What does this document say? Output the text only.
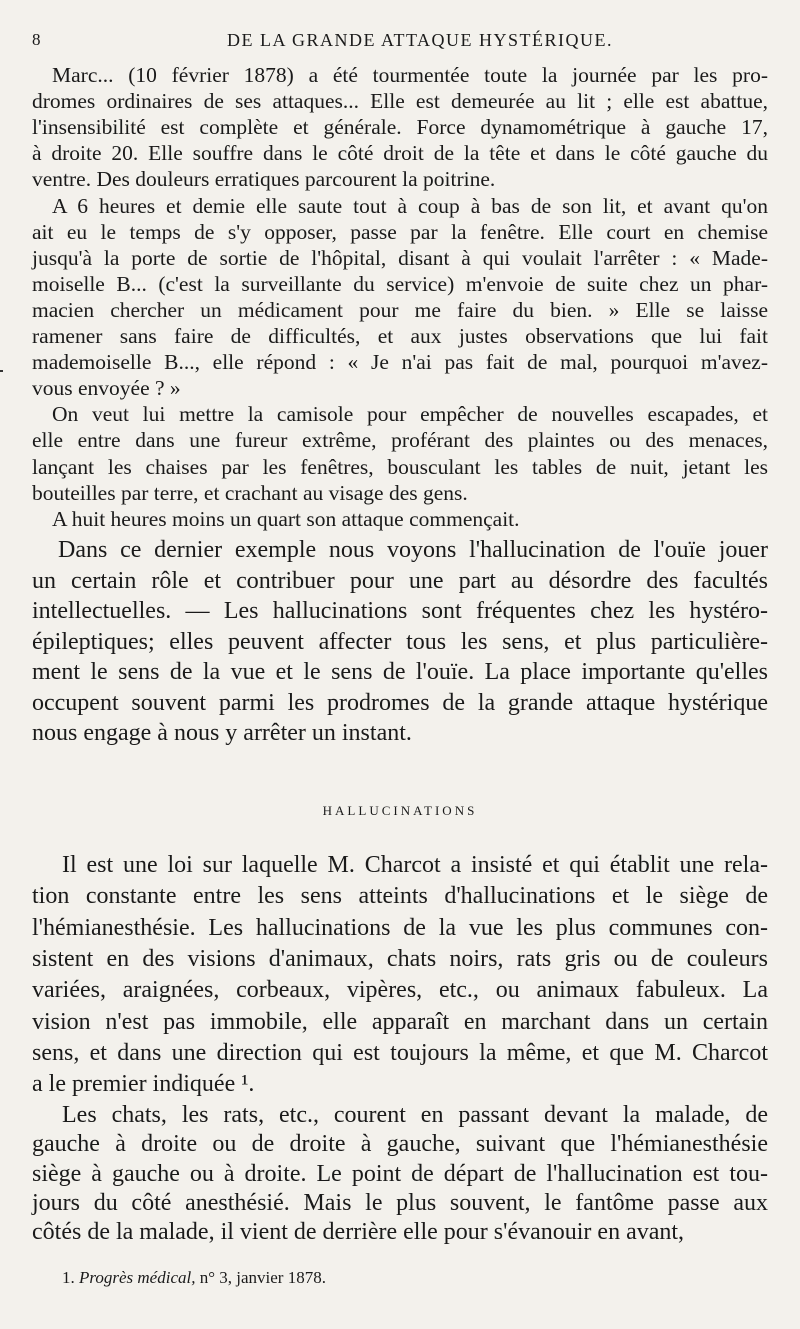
8	DE LA GRANDE ATTAQUE HYSTÉRIQUE.
Marc... (10 février 1878) a été tourmentée toute la journée par les pro-
dromes ordinaires de ses attaques... Elle est demeurée au lit ; elle est abattue,
l'insensibilité est complète et générale. Force dynamométrique à gauche 17,
à droite 20. Elle souffre dans le côté droit de la tête et dans le côté gauche du
ventre. Des douleurs erratiques parcourent la poitrine.
A 6 heures et demie elle saute tout à coup à bas de son lit, et avant qu'on
ait eu le temps de s'y opposer, passe par la fenêtre. Elle court en chemise
jusqu'à la porte de sortie de l'hôpital, disant à qui voulait l'arrêter : « Made-
moiselle B... (c'est la surveillante du service) m'envoie de suite chez un phar-
macien chercher un médicament pour me faire du bien. » Elle se laisse
ramener sans faire de difficultés, et aux justes observations que lui fait
mademoiselle B..., elle répond : « Je n'ai pas fait de mal, pourquoi m'avez-
vous envoyée ? »
On veut lui mettre la camisole pour empêcher de nouvelles escapades, et
elle entre dans une fureur extrême, proférant des plaintes ou des menaces,
lançant les chaises par les fenêtres, bousculant les tables de nuit, jetant les
bouteilles par terre, et crachant au visage des gens.
A huit heures moins un quart son attaque commençait.
Dans ce dernier exemple nous voyons l'hallucination de l'ouïe jouer
un certain rôle et contribuer pour une part au désordre des facultés
intellectuelles. — Les hallucinations sont fréquentes chez les hystéro-
épileptiques; elles peuvent affecter tous les sens, et plus particulière-
ment le sens de la vue et le sens de l'ouïe. La place importante qu'elles
occupent souvent parmi les prodromes de la grande attaque hystérique
nous engage à nous y arrêter un instant.
HALLUCINATIONS
Il est une loi sur laquelle M. Charcot a insisté et qui établit une rela-
tion constante entre les sens atteints d'hallucinations et le siège de
l'hémianesthésie. Les hallucinations de la vue les plus communes con-
sistent en des visions d'animaux, chats noirs, rats gris ou de couleurs
variées, araignées, corbeaux, vipères, etc., ou animaux fabuleux. La
vision n'est pas immobile, elle apparaît en marchant dans un certain
sens, et dans une direction qui est toujours la même, et que M. Charcot
a le premier indiquée ¹.
Les chats, les rats, etc., courent en passant devant la malade, de
gauche à droite ou de droite à gauche, suivant que l'hémianesthésie
siège à gauche ou à droite. Le point de départ de l'hallucination est tou-
jours du côté anesthésié. Mais le plus souvent, le fantôme passe aux
côtés de la malade, il vient de derrière elle pour s'évanouir en avant,
1. Progrès médical, n° 3, janvier 1878.
